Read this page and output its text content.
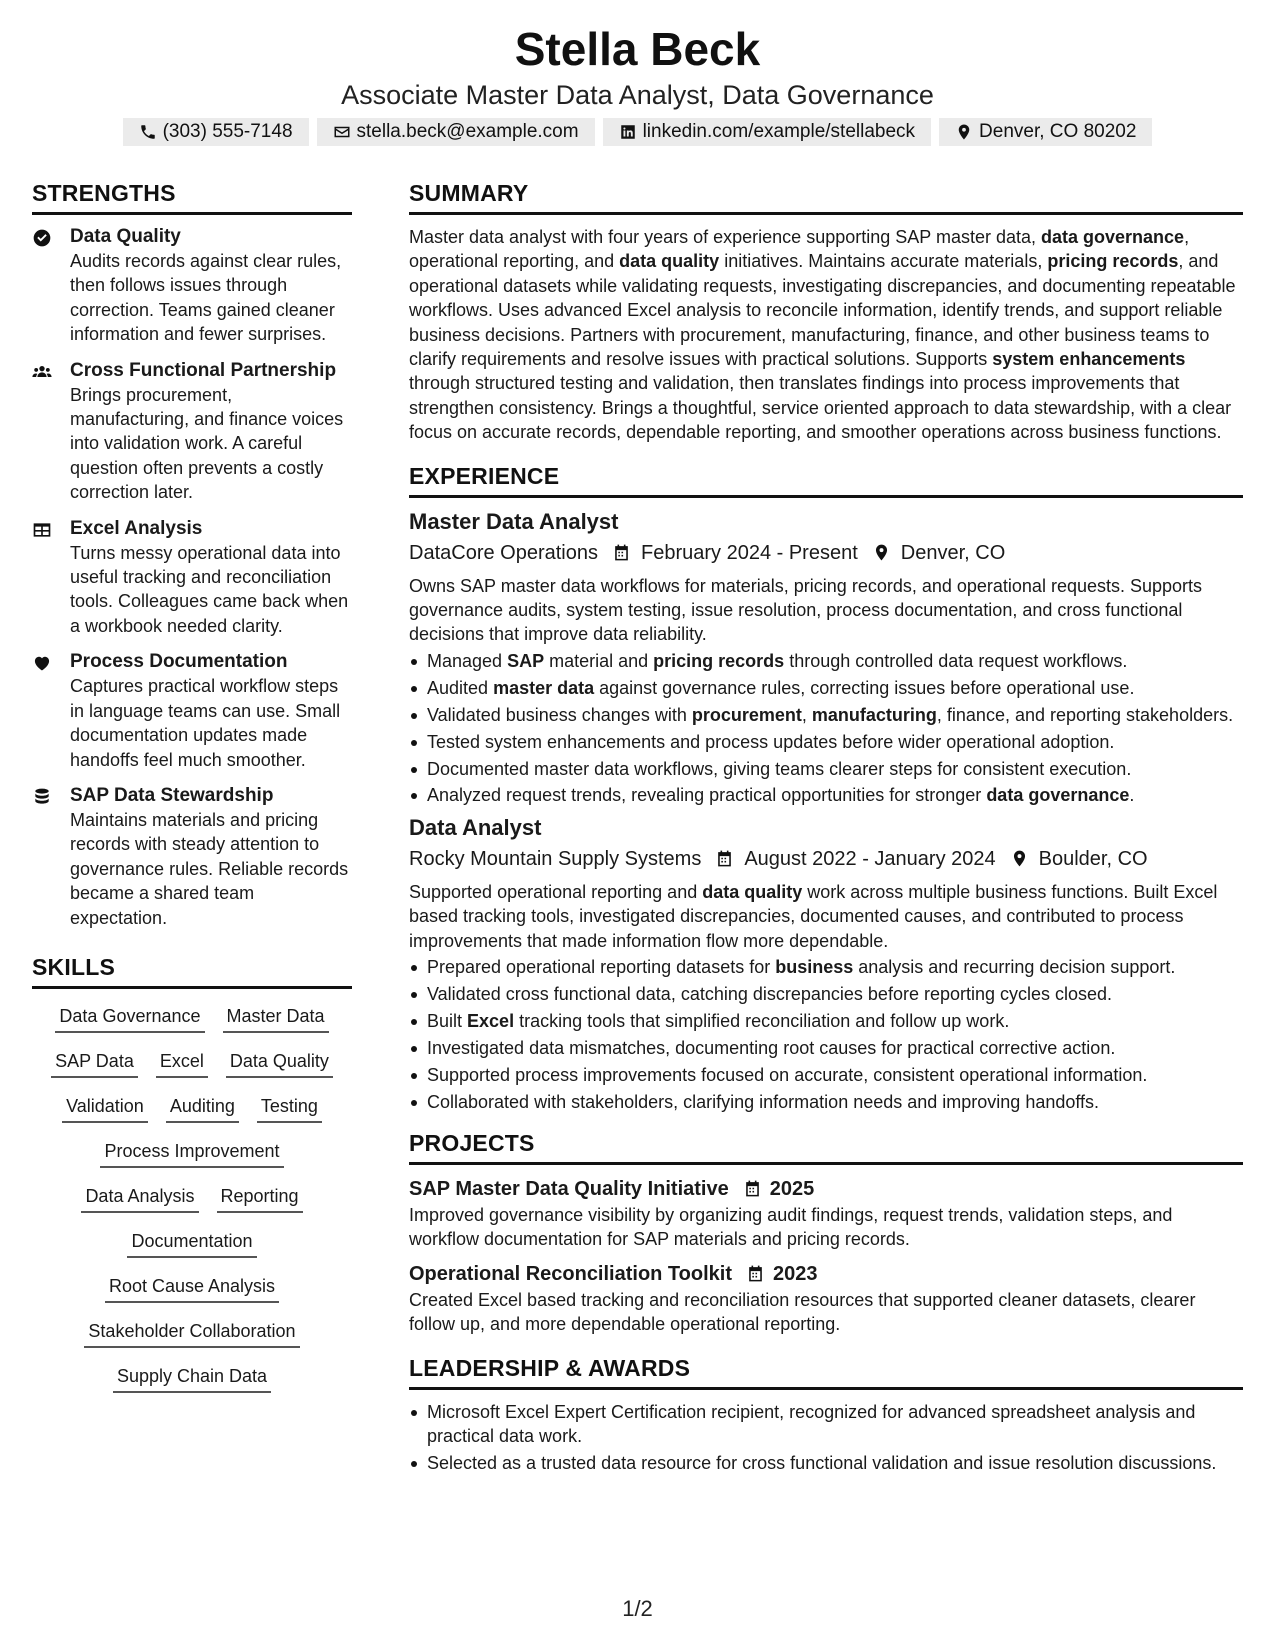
Stella Beck
Associate Master Data Analyst, Data Governance
(303) 555-7148	stella.beck@example.com	linkedin.com/example/stellabeck	Denver, CO 80202
STRENGTHS
Data Quality
Audits records against clear rules, then follows issues through correction. Teams gained cleaner information and fewer surprises.
Cross Functional Partnership
Brings procurement, manufacturing, and finance voices into validation work. A careful question often prevents a costly correction later.
Excel Analysis
Turns messy operational data into useful tracking and reconciliation tools. Colleagues came back when a workbook needed clarity.
Process Documentation
Captures practical workflow steps in language teams can use. Small documentation updates made handoffs feel much smoother.
SAP Data Stewardship
Maintains materials and pricing records with steady attention to governance rules. Reliable records became a shared team expectation.
SKILLS
Data Governance Master Data
SAP Data Excel Data Quality
Validation Auditing Testing
Process Improvement
Data Analysis Reporting
Documentation
Root Cause Analysis
Stakeholder Collaboration
Supply Chain Data
SUMMARY
Master data analyst with four years of experience supporting SAP master data, data governance, operational reporting, and data quality initiatives. Maintains accurate materials, pricing records, and operational datasets while validating requests, investigating discrepancies, and documenting repeatable workflows. Uses advanced Excel analysis to reconcile information, identify trends, and support reliable business decisions. Partners with procurement, manufacturing, finance, and other business teams to clarify requirements and resolve issues with practical solutions. Supports system enhancements through structured testing and validation, then translates findings into process improvements that strengthen consistency. Brings a thoughtful, service oriented approach to data stewardship, with a clear focus on accurate records, dependable reporting, and smoother operations across business functions.
EXPERIENCE
Master Data Analyst
DataCore Operations February 2024 - Present Denver, CO
Owns SAP master data workflows for materials, pricing records, and operational requests. Supports governance audits, system testing, issue resolution, process documentation, and cross functional decisions that improve data reliability.
Managed SAP material and pricing records through controlled data request workflows.
Audited master data against governance rules, correcting issues before operational use.
Validated business changes with procurement, manufacturing, finance, and reporting stakeholders.
Tested system enhancements and process updates before wider operational adoption.
Documented master data workflows, giving teams clearer steps for consistent execution.
Analyzed request trends, revealing practical opportunities for stronger data governance.
Data Analyst
Rocky Mountain Supply Systems August 2022 - January 2024 Boulder, CO
Supported operational reporting and data quality work across multiple business functions. Built Excel based tracking tools, investigated discrepancies, documented causes, and contributed to process improvements that made information flow more dependable.
Prepared operational reporting datasets for business analysis and recurring decision support.
Validated cross functional data, catching discrepancies before reporting cycles closed.
Built Excel tracking tools that simplified reconciliation and follow up work.
Investigated data mismatches, documenting root causes for practical corrective action.
Supported process improvements focused on accurate, consistent operational information.
Collaborated with stakeholders, clarifying information needs and improving handoffs.
PROJECTS
SAP Master Data Quality Initiative 2025
Improved governance visibility by organizing audit findings, request trends, validation steps, and workflow documentation for SAP materials and pricing records.
Operational Reconciliation Toolkit 2023
Created Excel based tracking and reconciliation resources that supported cleaner datasets, clearer follow up, and more dependable operational reporting.
LEADERSHIP & AWARDS
Microsoft Excel Expert Certification recipient, recognized for advanced spreadsheet analysis and practical data work.
Selected as a trusted data resource for cross functional validation and issue resolution discussions.
1/2
